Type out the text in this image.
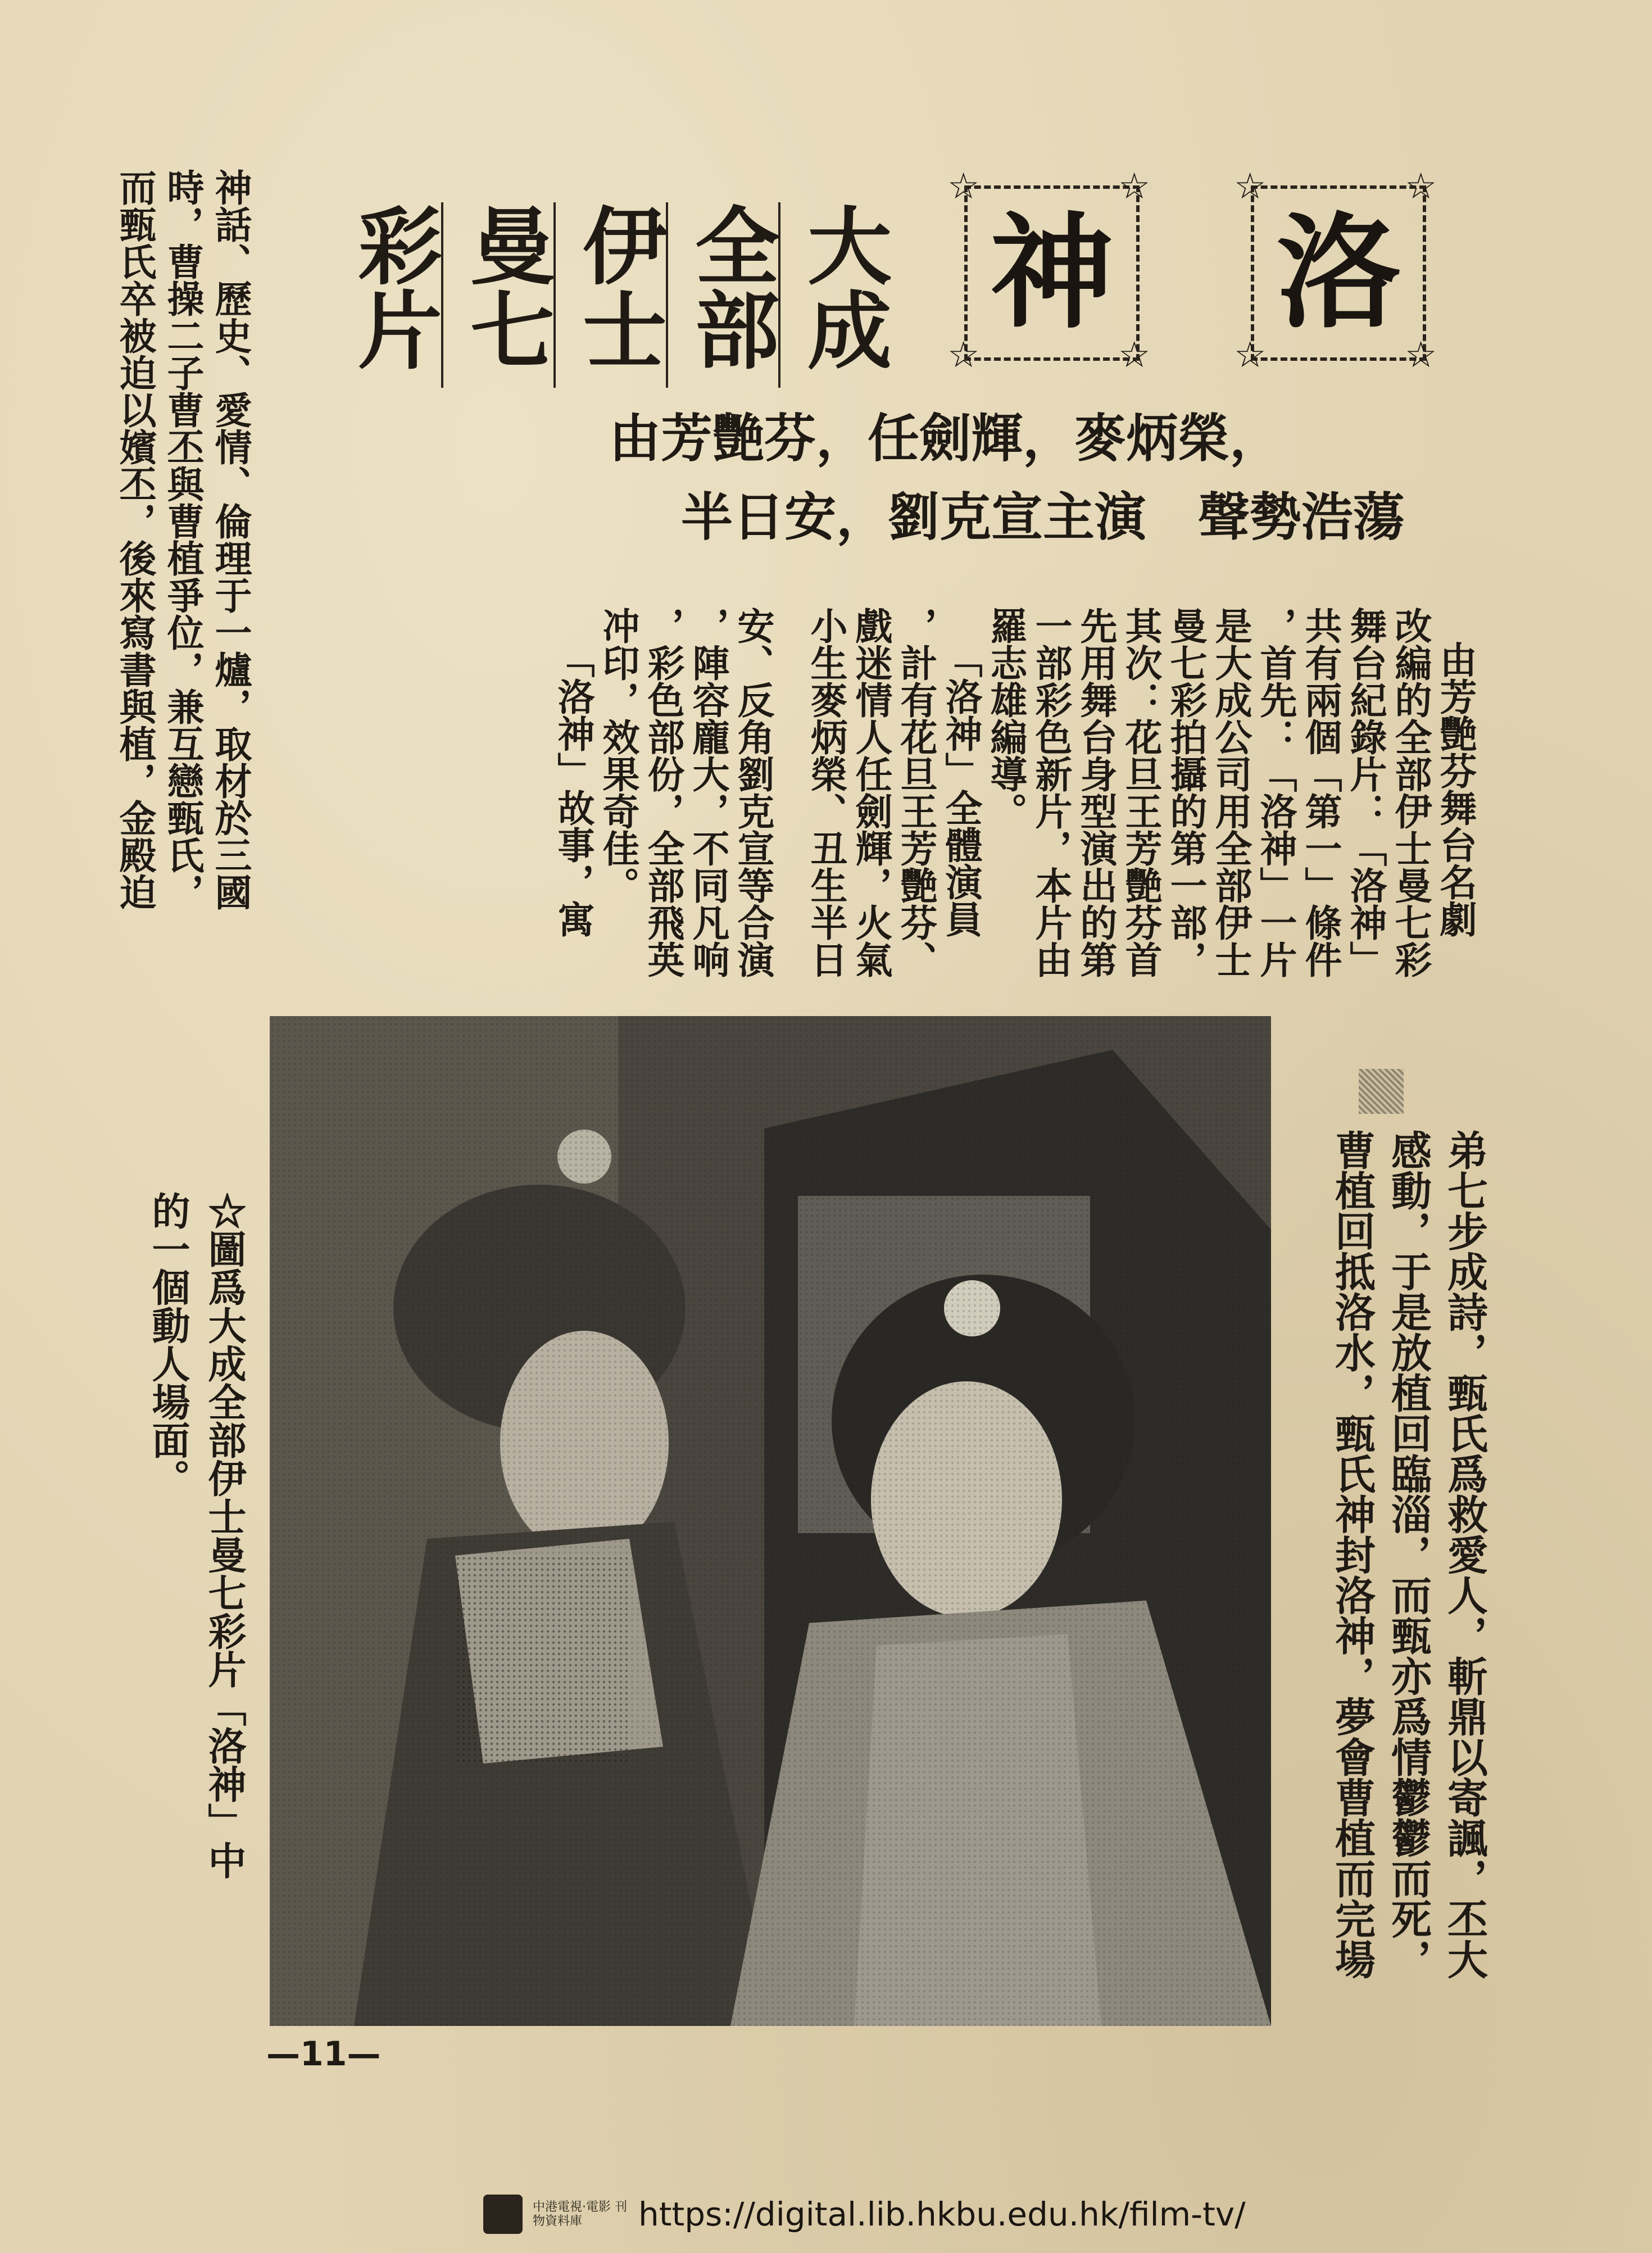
洛
☆	☆
☆	☆
神
☆	☆
☆	☆
大成
全部
伊士
曼七
彩片
由芳艷芬，任劍輝，麥炳榮，
半日安，劉克宣主演　聲勢浩蕩
由芳艷芬舞台名劇
改編的全部伊士曼七彩
舞台紀錄片：「洛神」
共有兩個「第一」條件
，首先：「洛神」一片
是大成公司用全部伊士
曼七彩拍攝的第一部，
其次：花旦王芳艷芬首
先用舞台身型演出的第
一部彩色新片，本片由
羅志雄編導。
「洛神」全體演員
，計有花旦王芳艷芬、
戲迷情人任劍輝，火氣
小生麥炳榮、丑生半日
安、反角劉克宣等合演
，陣容龐大，不同凡响
，彩色部份，全部飛英
冲印，效果奇佳。
「洛神」故事，寓
神話、歷史、愛情、倫理于一爐，取材於三國
時，曹操二子曹丕與曹植爭位，兼互戀甄氏，
而甄氏卒被迫以嬪丕，後來寫書與植，金殿迫
弟七步成詩，甄氏爲救愛人，斬鼎以寄諷，丕大
感動，于是放植回臨淄，而甄亦爲情鬱鬱而死，
曹植回抵洛水，甄氏神封洛神，夢會曹植而完場
☆圖爲大成全部伊士曼七彩片「洛神」中
的一個動人場面。
—11—
中港電視·電影 刊物資料庫	https://digital.lib.hkbu.edu.hk/film-tv/
